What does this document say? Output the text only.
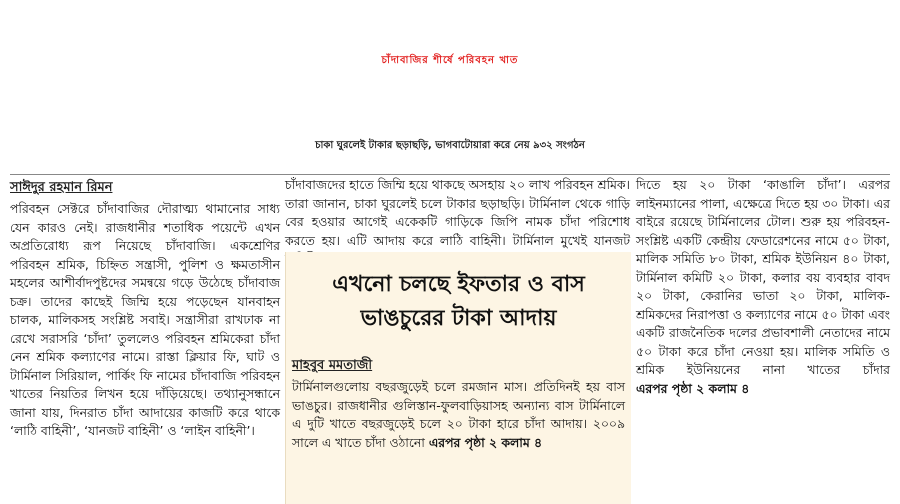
চাঁদাবাজির শীর্ষে পরিবহন খাত
চাকা ঘুরলেই টাকার ছড়াছড়ি, ভাগবাটোয়ারা করে নেয় ৯৩২ সংগঠন
সাঈদুর রহমান রিমন

পরিবহন সেক্টরে চাঁদাবাজির দৌরাত্ম্য থামানোর সাধ্য যেন কারও নেই। রাজধানীর শতাধিক পয়েন্টে এখন অপ্রতিরোধ্য রূপ নিয়েছে চাঁদাবাজি। একশ্রেণির পরিবহন শ্রমিক, চিহ্নিত সন্ত্রাসী, পুলিশ ও ক্ষমতাসীন মহলের আশীর্বাদপুষ্টদের সমন্বয়ে গড়ে উঠেছে চাঁদাবাজ চক্র। তাদের কাছেই জিম্মি হয়ে পড়েছেন যানবাহন চালক, মালিকসহ সংশ্লিষ্ট সবাই। সন্ত্রাসীরা রাখঢাক না রেখে সরাসরি ‘চাঁদা’ তুললেও পরিবহন শ্রমিকেরা চাঁদা নেন শ্রমিক কল্যাণের নামে। রাস্তা ক্লিয়ার ফি, ঘাট ও টার্মিনাল সিরিয়াল, পার্কিং ফি নামের চাঁদাবাজি পরিবহন খাতের নিয়তির লিখন হয়ে দাঁড়িয়েছে। তথ্যানুসন্ধানে জানা যায়, দিনরাত চাঁদা আদায়ের কাজটি করে থাকে ‘লাঠি বাহিনী’, ‘যানজট বাহিনী’ ও ‘লাইন বাহিনী’।

চাঁদাবাজদের হাতে জিম্মি হয়ে থাকছে অসহায় ২০ লাখ পরিবহন শ্রমিক। তারা জানান, চাকা ঘুরলেই চলে টাকার ছড়াছড়ি। টার্মিনাল থেকে গাড়ি বের হওয়ার আগেই একেকটি গাড়িকে জিপি নামক চাঁদা পরিশোধ করতে হয়। এটি আদায় করে লাঠি বাহিনী। টার্মিনাল মুখেই যানজট

দিতে হয় ২০ টাকা ‘কাঙালি চাঁদা’। এরপর লাইনম্যানের পালা, এক্ষেত্রে দিতে হয় ৩০ টাকা। এর বাইরে রয়েছে টার্মিনালের টোল। শুরু হয় পরিবহন-সংশ্লিষ্ট একটি কেন্দ্রীয় ফেডারেশনের নামে ৫০ টাকা, মালিক সমিতি ৮০ টাকা, শ্রমিক ইউনিয়ন ৪০ টাকা, টার্মিনাল কমিটি ২০ টাকা, কলার বয় ব্যবহার বাবদ ২০ টাকা, কেরানির ভাতা ২০ টাকা, মালিক-শ্রমিকদের নিরাপত্তা ও কল্যাণের নামে ৫০ টাকা এবং একটি রাজনৈতিক দলের প্রভাবশালী নেতাদের নামে ৫০ টাকা করে চাঁদা নেওয়া হয়। মালিক সমিতি ও শ্রমিক ইউনিয়নের নানা খাতের চাঁদার এরপর পৃষ্ঠা ২ কলাম ৪

এখনো চলছে ইফতার ও বাস
ভাঙচুরের টাকা আদায়
মাহবুব মমতাজী

টার্মিনালগুলোয় বছরজুড়েই চলে রমজান মাস। প্রতিদিনই হয় বাস ভাঙচুর। রাজধানীর গুলিস্তান-ফুলবাড়িয়াসহ অন্যান্য বাস টার্মিনালে এ দুটি খাতে বছরজুড়েই চলে ২০ টাকা হারে চাঁদা আদায়। ২০০৯ সালে এ খাতে চাঁদা ওঠানো এরপর পৃষ্ঠা ২ কলাম ৪
